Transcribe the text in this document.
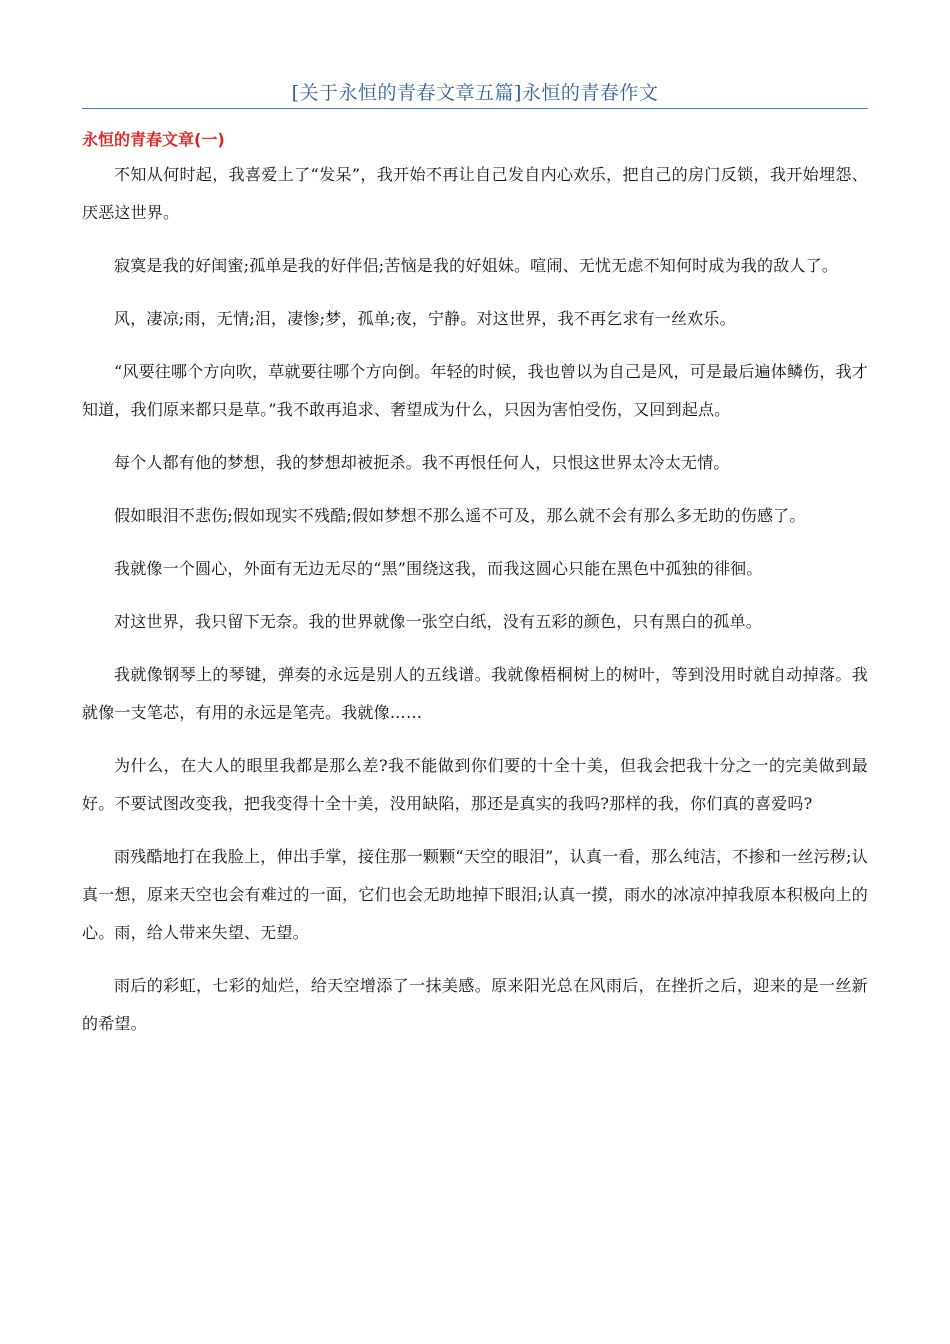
[关于永恒的青春文章五篇]永恒的青春作文
永恒的青春文章(一)

不知从何时起，我喜爱上了“发呆”，我开始不再让自己发自内心欢乐，把自己的房门反锁，我开始埋怨、厌恶这世界。

寂寞是我的好闺蜜;孤单是我的好伴侣;苦恼是我的好姐妹。喧闹、无忧无虑不知何时成为我的敌人了。

风，凄凉;雨，无情;泪，凄惨;梦，孤单;夜，宁静。对这世界，我不再乞求有一丝欢乐。

“风要往哪个方向吹，草就要往哪个方向倒。年轻的时候，我也曾以为自己是风，可是最后遍体鳞伤，我才知道，我们原来都只是草。”我不敢再追求、奢望成为什么，只因为害怕受伤，又回到起点。

每个人都有他的梦想，我的梦想却被扼杀。我不再恨任何人，只恨这世界太冷太无情。

假如眼泪不悲伤;假如现实不残酷;假如梦想不那么遥不可及，那么就不会有那么多无助的伤感了。

我就像一个圆心，外面有无边无尽的“黑”围绕这我，而我这圆心只能在黑色中孤独的徘徊。

对这世界，我只留下无奈。我的世界就像一张空白纸，没有五彩的颜色，只有黑白的孤单。

我就像钢琴上的琴键，弹奏的永远是别人的五线谱。我就像梧桐树上的树叶，等到没用时就自动掉落。我就像一支笔芯，有用的永远是笔壳。我就像……

为什么，在大人的眼里我都是那么差?我不能做到你们要的十全十美，但我会把我十分之一的完美做到最好。不要试图改变我，把我变得十全十美，没用缺陷，那还是真实的我吗?那样的我，你们真的喜爱吗?

雨残酷地打在我脸上，伸出手掌，接住那一颗颗“天空的眼泪”，认真一看，那么纯洁，不掺和一丝污秽;认真一想，原来天空也会有难过的一面，它们也会无助地掉下眼泪;认真一摸，雨水的冰凉冲掉我原本积极向上的心。雨，给人带来失望、无望。

雨后的彩虹，七彩的灿烂，给天空增添了一抹美感。原来阳光总在风雨后，在挫折之后，迎来的是一丝新的希望。
